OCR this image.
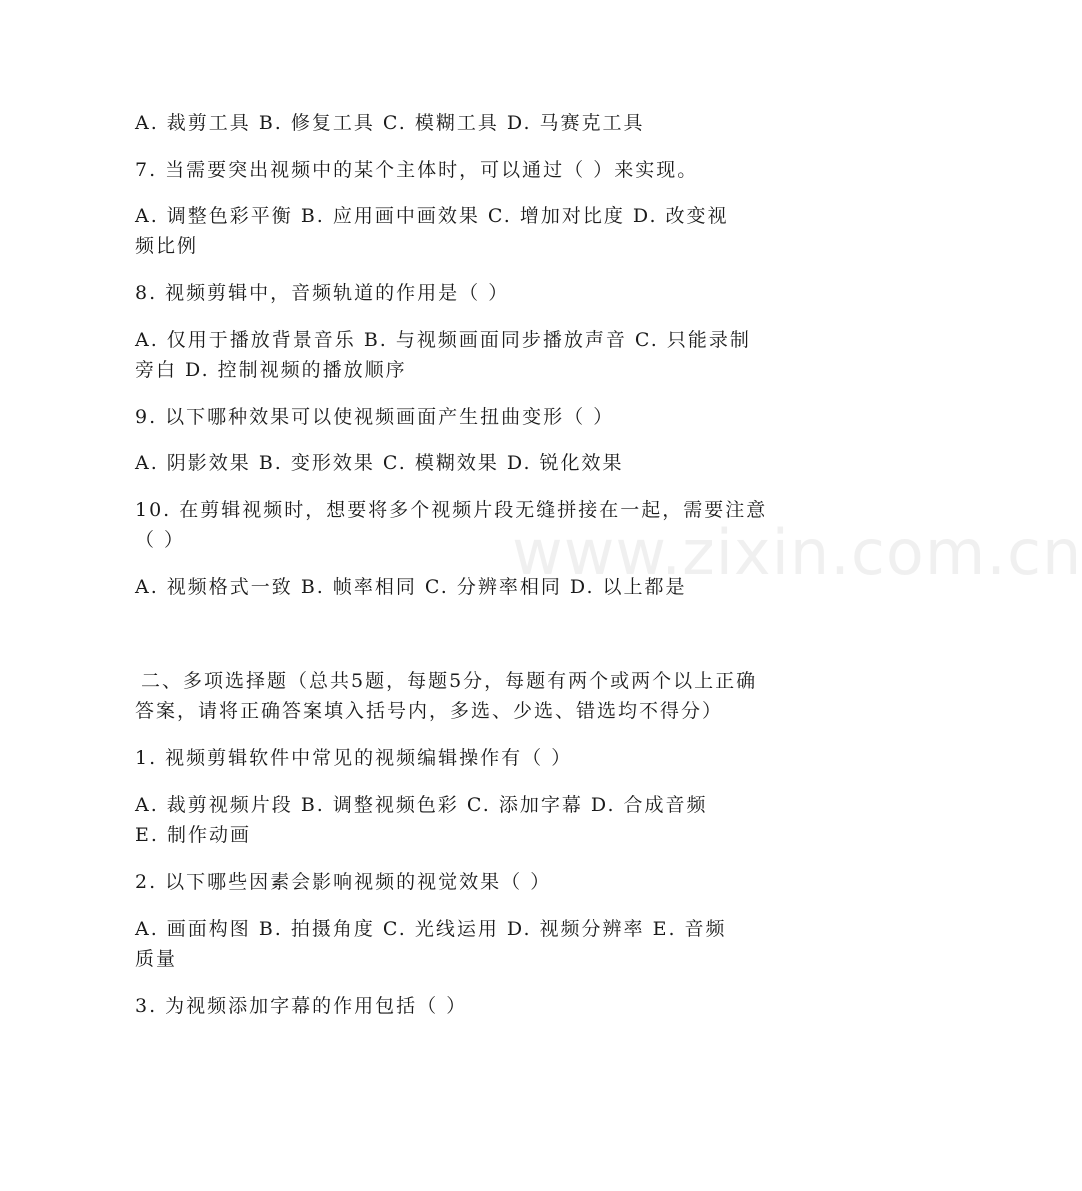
www.zixin.com.cn
A. 裁剪工具 B. 修复工具 C. 模糊工具 D. 马赛克工具
7. 当需要突出视频中的某个主体时，可以通过（ ）来实现。
A. 调整色彩平衡 B. 应用画中画效果 C. 增加对比度 D. 改变视
频比例
8. 视频剪辑中，音频轨道的作用是（ ）
A. 仅用于播放背景音乐 B. 与视频画面同步播放声音 C. 只能录制
旁白 D. 控制视频的播放顺序
9. 以下哪种效果可以使视频画面产生扭曲变形（ ）
A. 阴影效果 B. 变形效果 C. 模糊效果 D. 锐化效果
10. 在剪辑视频时，想要将多个视频片段无缝拼接在一起，需要注意
（ ）
A. 视频格式一致 B. 帧率相同 C. 分辨率相同 D. 以上都是
二、多项选择题（总共5题，每题5分，每题有两个或两个以上正确
答案，请将正确答案填入括号内，多选、少选、错选均不得分）
1. 视频剪辑软件中常见的视频编辑操作有（ ）
A. 裁剪视频片段 B. 调整视频色彩 C. 添加字幕 D. 合成音频
E. 制作动画
2. 以下哪些因素会影响视频的视觉效果（ ）
A. 画面构图 B. 拍摄角度 C. 光线运用 D. 视频分辨率 E. 音频
质量
3. 为视频添加字幕的作用包括（ ）
